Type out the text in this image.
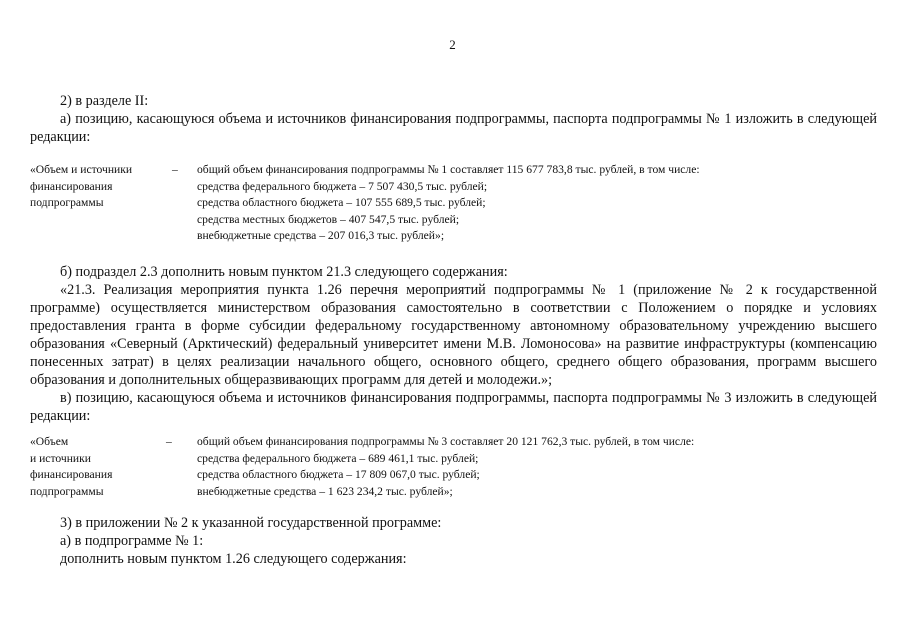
2

2) в разделе II:

а) позицию, касающуюся объема и источников финансирования подпрограммы, паспорта подпрограммы № 1 изложить в следующей редакции:

«Объем и источники
финансирования
подпрограммы
– общий объем финансирования подпрограммы № 1 составляет 115 677 783,8 тыс. рублей, в том числе:
средства федерального бюджета – 7 507 430,5 тыс. рублей;
средства областного бюджета – 107 555 689,5 тыс. рублей;
средства местных бюджетов – 407 547,5 тыс. рублей;
внебюджетные средства – 207 016,3 тыс. рублей»;

б) подраздел 2.3 дополнить новым пунктом 21.3 следующего содержания:

«21.3. Реализация мероприятия пункта 1.26 перечня мероприятий подпрограммы № 1 (приложение № 2 к государственной программе) осуществляется министерством образования самостоятельно в соответствии с Положением о порядке и условиях предоставления гранта в форме субсидии федеральному государственному автономному образовательному учреждению высшего образования «Северный (Арктический) федеральный университет имени М.В. Ломоносова» на развитие инфраструктуры (компенсацию понесенных затрат) в целях реализации начального общего, основного общего, среднего общего образования, программ высшего образования и дополнительных общеразвивающих программ для детей и молодежи.»;

в) позицию, касающуюся объема и источников финансирования подпрограммы, паспорта подпрограммы № 3 изложить в следующей редакции:

«Объем
и источники
финансирования
подпрограммы
– общий объем финансирования подпрограммы № 3 составляет 20 121 762,3 тыс. рублей, в том числе:
средства федерального бюджета – 689 461,1 тыс. рублей;
средства областного бюджета – 17 809 067,0 тыс. рублей;
внебюджетные средства – 1 623 234,2 тыс. рублей»;
3) в приложении № 2 к указанной государственной программе:
а) в подпрограмме № 1:
дополнить новым пунктом 1.26 следующего содержания:
